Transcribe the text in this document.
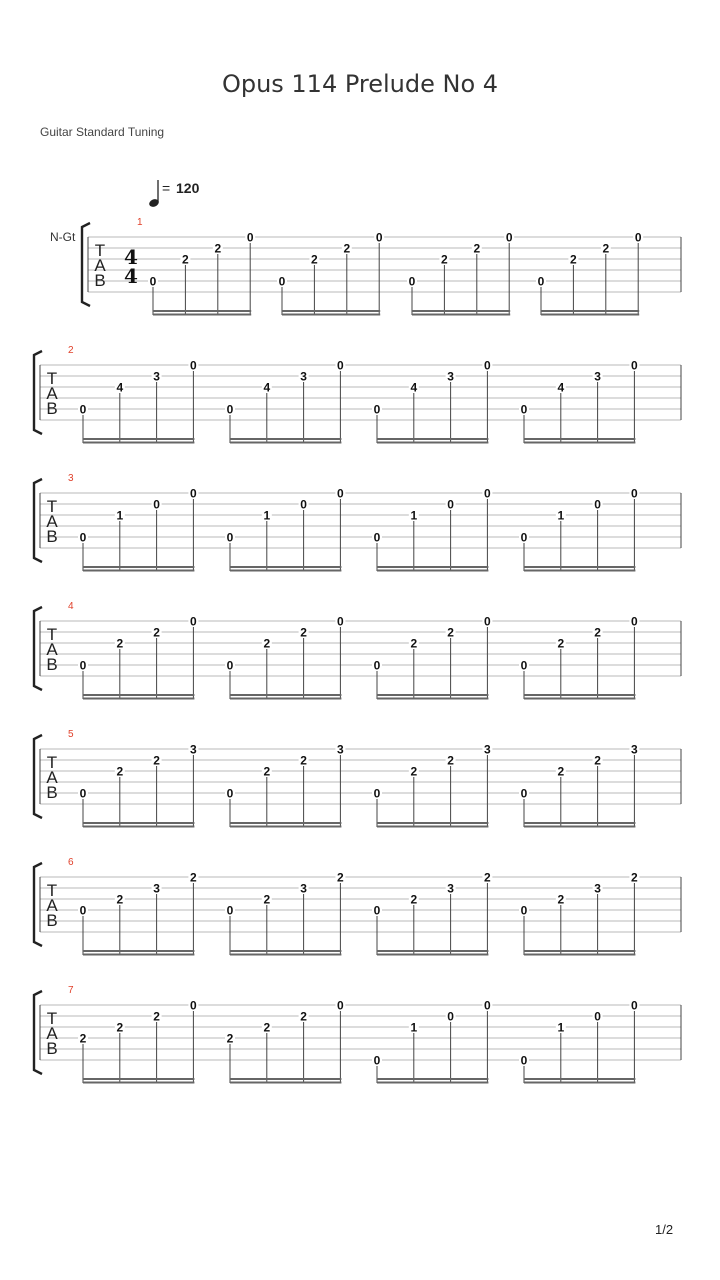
Opus 114 Prelude No 4
Guitar Standard Tuning
= 120
N-Gt
T
A
B
4
4
1
0
2
2
0
0
2
2
0
0
2
2
0
0
2
2
0
T
A
B
2
0
4
3
0
0
4
3
0
0
4
3
0
0
4
3
0
T
A
B
3
0
1
0
0
0
1
0
0
0
1
0
0
0
1
0
0
T
A
B
4
0
2
2
0
0
2
2
0
0
2
2
0
0
2
2
0
T
A
B
5
0
2
2
3
0
2
2
3
0
2
2
3
0
2
2
3
T
A
B
6
0
2
3
2
0
2
3
2
0
2
3
2
0
2
3
2
T
A
B
7
2
2
2
0
2
2
2
0
0
1
0
0
0
1
0
0
1/2
